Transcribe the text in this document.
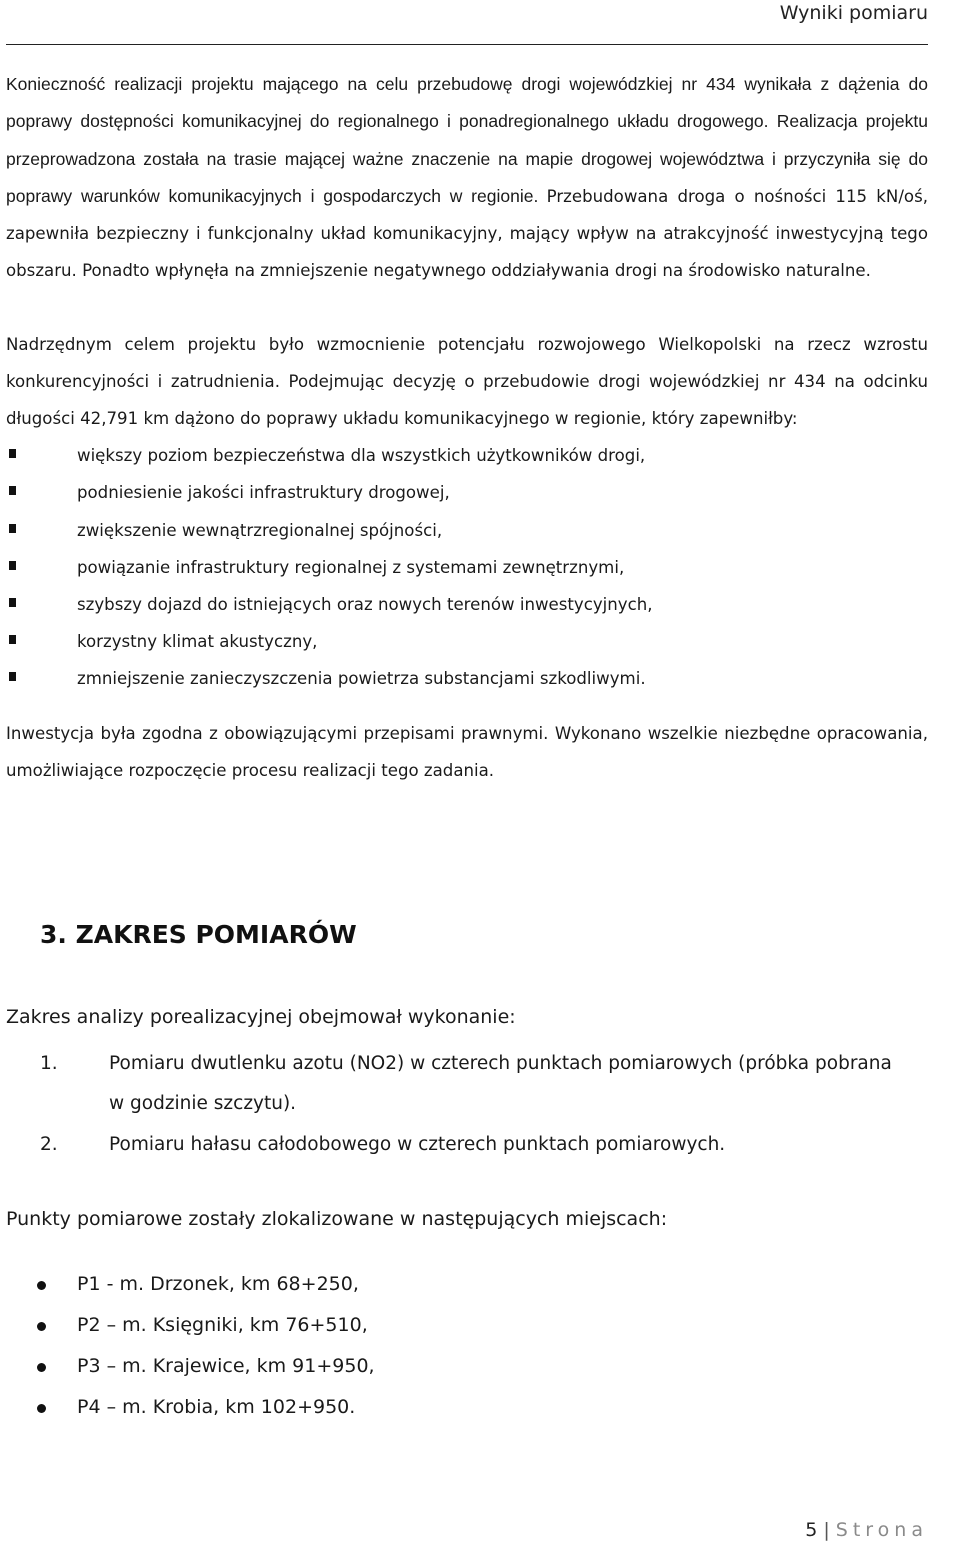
Wyniki pomiaru

Konieczność realizacji projektu mającego na celu przebudowę drogi wojewódzkiej nr 434 wynikała z dążenia do poprawy dostępności komunikacyjnej do regionalnego i ponadregionalnego układu drogowego. Realizacja projektu przeprowadzona została na trasie mającej ważne znaczenie na mapie drogowej województwa i przyczyniła się do poprawy warunków komunikacyjnych i gospodarczych w regionie. Przebudowana droga o nośności 115 kN/oś, zapewniła bezpieczny i funkcjonalny układ komunikacyjny, mający wpływ na atrakcyjność inwestycyjną tego obszaru. Ponadto wpłynęła na zmniejszenie negatywnego oddziaływania drogi na środowisko naturalne.

Nadrzędnym celem projektu było wzmocnienie potencjału rozwojowego Wielkopolski na rzecz wzrostu konkurencyjności i zatrudnienia. Podejmując decyzję o przebudowie drogi wojewódzkiej nr 434 na odcinku długości 42,791 km dążono do poprawy układu komunikacyjnego w regionie, który zapewniłby:

większy poziom bezpieczeństwa dla wszystkich użytkowników drogi,
podniesienie jakości infrastruktury drogowej,
zwiększenie wewnątrzregionalnej spójności,
powiązanie infrastruktury regionalnej z systemami zewnętrznymi,
szybszy dojazd do istniejących oraz nowych terenów inwestycyjnych,
korzystny klimat akustyczny,
zmniejszenie zanieczyszczenia powietrza substancjami szkodliwymi.

Inwestycja była zgodna z obowiązującymi przepisami prawnymi. Wykonano wszelkie niezbędne opracowania, umożliwiające rozpoczęcie procesu realizacji tego zadania.

3. ZAKRES POMIARÓW

Zakres analizy porealizacyjnej obejmował wykonanie:

1.	Pomiaru dwutlenku azotu (NO2) w czterech punktach pomiarowych (próbka pobrana
w godzinie szczytu).
2.	Pomiaru hałasu całodobowego w czterech punktach pomiarowych.

Punkty pomiarowe zostały zlokalizowane w następujących miejscach:

P1 - m. Drzonek, km 68+250,
P2 – m. Księgniki, km 76+510,
P3 – m. Krajewice, km 91+950,
P4 – m. Krobia, km 102+950.
5 | Strona
